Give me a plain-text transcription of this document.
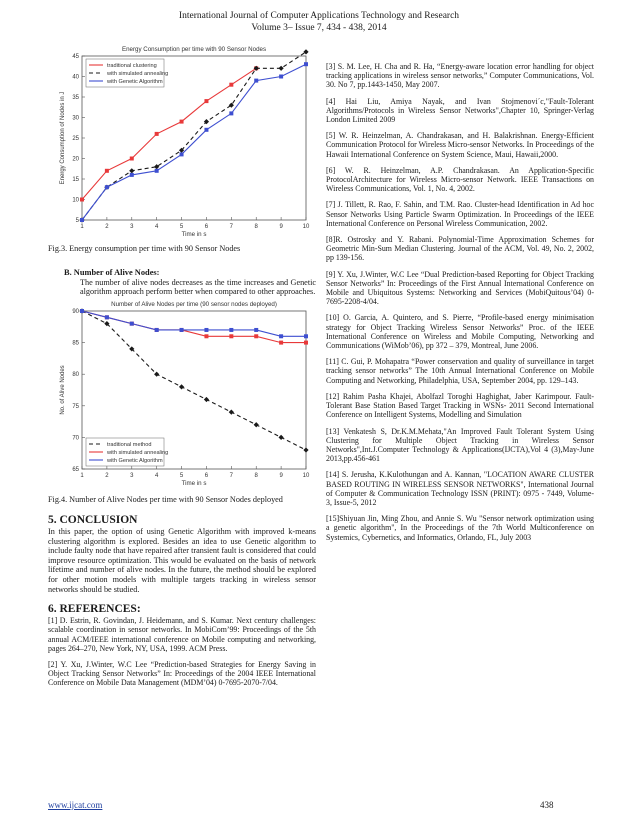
International Journal of Computer Applications Technology and Research
Volume 3– Issue 7, 434 - 438, 2014
Energy Consumption per time with 90 Sensor Nodes
1	2	3	4	5	6	7	8	9	10
5
10
15
20
25
30
35
40
45
Time in s
Energy Consumption of Nodes in J
traditional clustering
with simulated annealing
with Genetic Algorithm
Fig.3. Energy consumption per time with 90 Sensor Nodes
B. Number of Alive Nodes:
The number of alive nodes decreases as the time increases and Genetic algorithm approach perform better when compared to other approaches.
Number of Alive Nodes per time (90 sensor nodes deployed)
1	2	3	4	5	6	7	8	9	10
65
70
75
80
85
90
Time in s
No. of Alive Nodes
traditional method
with simulated annealing
with Genetic Algorithm
Fig.4. Number of Alive Nodes per time with 90 Sensor Nodes deployed
5. CONCLUSION
In this paper, the option of using Genetic Algorithm with improved k-means clustering algorithm is explored. Besides an idea to use Genetic algorithm to include faulty node that have repaired after transient fault is considered that could improve resource optimization. This would be evaluated on the basis of network lifetime and number of alive nodes. In the future, the method should be explored for other motion models with multiple targets tracking in wireless sensor networks should be studied.
6. REFERENCES:
[1] D. Estrin, R. Govindan, J. Heidemann, and S. Kumar. Next century challenges: scalable coordination in sensor networks. In MobiCom’99: Proceedings of the 5th annual ACM/IEEE international conference on Mobile computing and networking, pages 264–270, New York, NY, USA, 1999. ACM Press.
[2] Y. Xu, J.Winter, W.C Lee “Prediction-based Strategies for Energy Saving in Object Tracking Sensor Networks” In: Proceedings of the 2004 IEEE International Conference on Mobile Data Management (MDM’04) 0-7695-2070-7/04.
[3] S. M. Lee, H. Cha and R. Ha, “Energy-aware location error handling for object tracking applications in wireless sensor networks,” Computer Communications, Vol. 30. No 7, pp.1443-1450, May 2007.
[4] Hai Liu, Amiya Nayak, and Ivan Stojmenovi´c,"Fault-Tolerant Algorithms/Protocols in Wireless Sensor Networks",Chapter 10, Springer-Verlag London Limited 2009
[5] W. R. Heinzelman, A. Chandrakasan, and H. Balakrishnan. Energy-Efficient Communication Protocol for Wireless Micro-sensor Networks. In Proceedings of the Hawaii International Conference on System Science, Maui, Hawaii,2000.
[6] W. R. Heinzelman, A.P. Chandrakasan. An Application-Specific ProtocolArchitecture for Wireless Micro-sensor Network. IEEE Transactions on Wireless Communications, Vol. 1, No. 4, 2002.
[7] J. Tillett, R. Rao, F. Sahin, and T.M. Rao. Cluster-head Identification in Ad hoc Sensor Networks Using Particle Swarm Optimization. In Proceedings of the IEEE International Conference on Personal Wireless Communication, 2002.
[8]R. Ostrosky and Y. Rabani. Polynomial-Time Approximation Schemes for Geometric Min-Sum Median Clustering. Journal of the ACM, Vol. 49, No. 2, 2002, pp 139-156.
[9] Y. Xu, J.Winter, W.C Lee “Dual Prediction-based Reporting for Object Tracking Sensor Networks” In: Proceedings of the First Annual International Conference on Mobile and Ubiquitous Systems: Networking and Services (MobiQuitous’04) 0-7695-2208-4/04.
[10] O. Garcia, A. Quintero, and S. Pierre, “Profile-based energy minimisation strategy for Object Tracking Wireless Sensor Networks” Proc. of the IEEE International Conference on Wireless and Mobile Computing, Networking and Communications (WiMob’06), pp 372 – 379, Montreal, June 2006.
[11] C. Gui, P. Mohapatra “Power conservation and quality of surveillance in target tracking sensor networks” The 10th Annual International Conference on Mobile Computing and Networking, Philadelphia, USA, September 2004, pp. 129–143.
[12] Rahim Pasha Khajei, Abolfazl Toroghi Haghighat, Jaber Karimpour. Fault-Tolerant Base Station Based Target Tracking in WSNs- 2011 Second International Conference on Intelligent Systems, Modelling and Simulation
[13] Venkatesh S, Dr.K.M.Mehata,"An Improved Fault Tolerant System Using Clustering for Multiple Object Tracking in Wireless Sensor Networks",Int.J.Computer Technology & Applications(IJCTA),Vol 4 (3),May-June 2013,pp.456-461
[14] S. Jerusha, K.Kulothungan and A. Kannan, "LOCATION AWARE CLUSTER BASED ROUTING IN WIRELESS SENSOR NETWORKS", International Journal of Computer & Communication Technology ISSN (PRINT): 0975 - 7449, Volume-3, Issue-5, 2012
[15]Shiyuan Jin, Ming Zhou, and Annie S. Wu "Sensor network optimization using a genetic algorithm", In the Proceedings of the 7th World Multiconference on Systemics, Cybernetics, and Informatics, Orlando, FL, July 2003
www.ijcat.com	438
